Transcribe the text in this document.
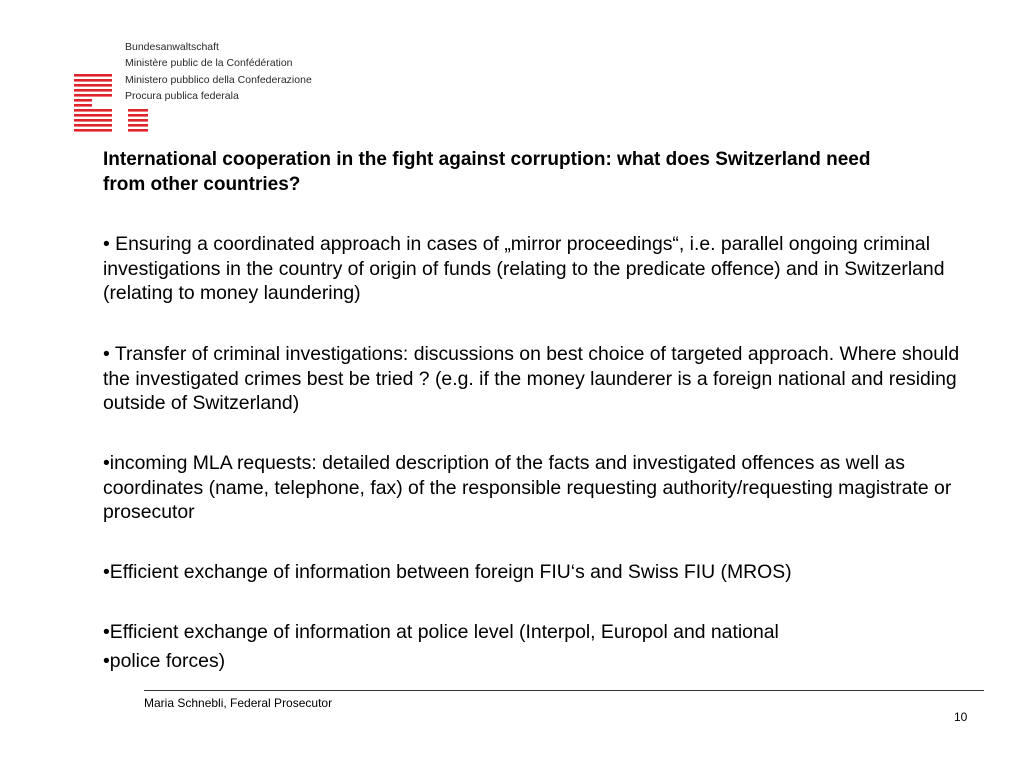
Bundesanwaltschaft
Ministère public de la Confédération
Ministero pubblico della Confederazione
Procura publica federala
International cooperation in the fight against corruption: what does Switzerland need from other countries?

• Ensuring a coordinated approach in cases of „mirror proceedings“, i.e. parallel ongoing criminal investigations in the country of origin of funds (relating to the predicate offence) and in Switzerland (relating to money laundering)

• Transfer of criminal investigations: discussions on best choice of targeted approach. Where should the investigated crimes best be tried ? (e.g. if the money launderer is a foreign national and residing outside of Switzerland)

•incoming MLA requests: detailed description of the facts and investigated offences as well as coordinates (name, telephone, fax) of the responsible requesting authority/requesting magistrate or prosecutor

•Efficient exchange of information between foreign FIU‘s and Swiss FIU (MROS)

•Efficient exchange of information at police level (Interpol, Europol and national

•police forces)

Maria Schnebli, Federal Prosecutor
10
